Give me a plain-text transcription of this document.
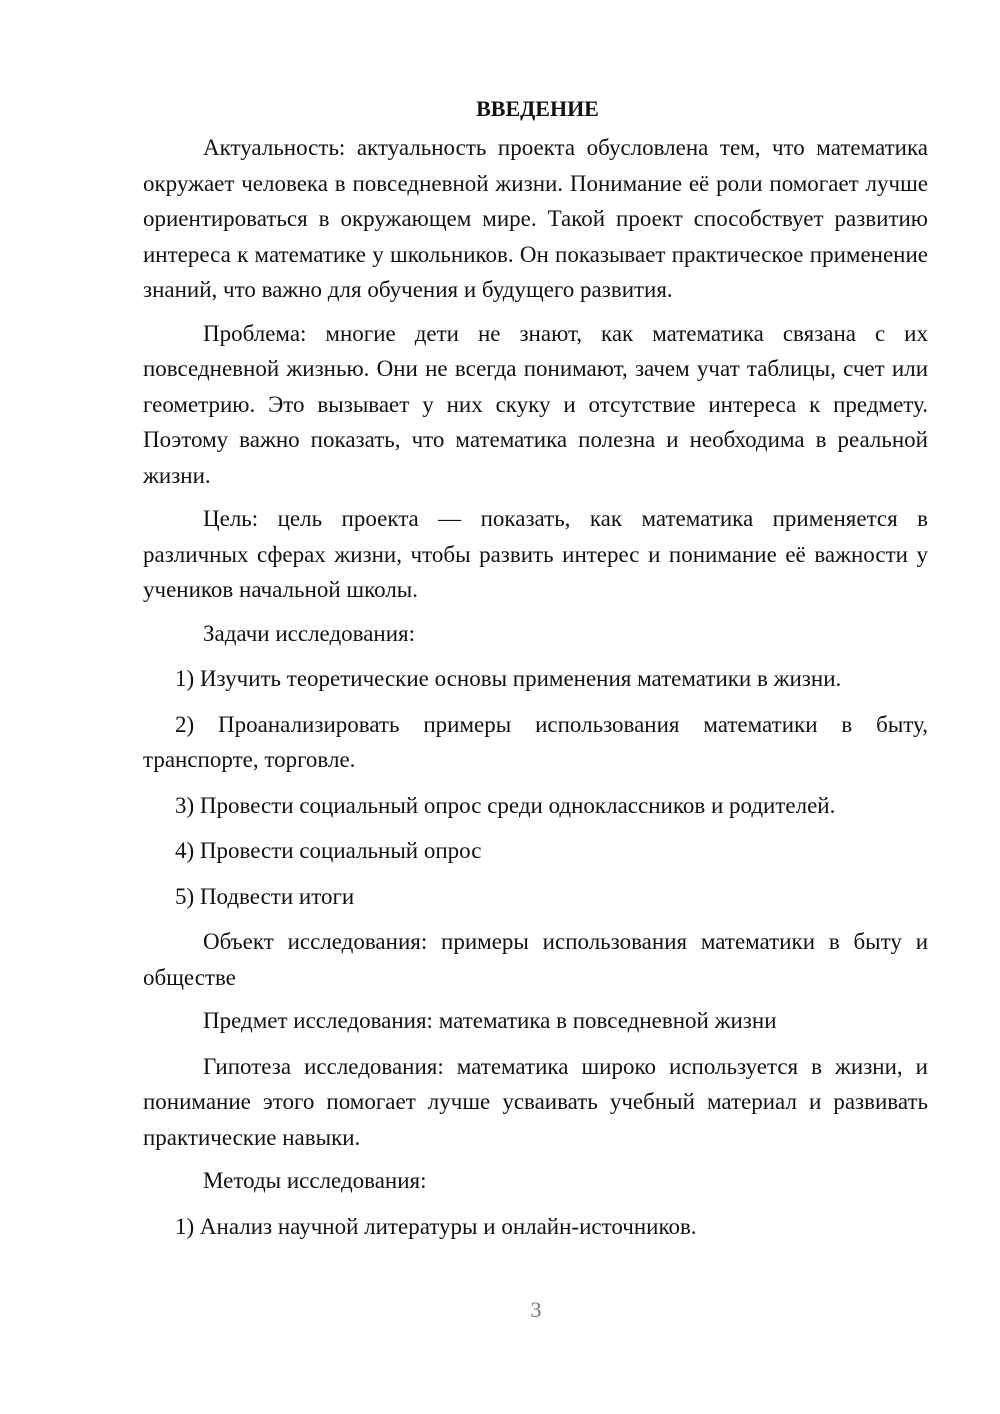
ВВЕДЕНИЕ

Актуальность: актуальность проекта обусловлена тем, что математика окружает человека в повседневной жизни. Понимание её роли помогает лучше ориентироваться в окружающем мире. Такой проект способствует развитию интереса к математике у школьников. Он показывает практическое применение знаний, что важно для обучения и будущего развития.

Проблема: многие дети не знают, как математика связана с их повседневной жизнью. Они не всегда понимают, зачем учат таблицы, счет или геометрию. Это вызывает у них скуку и отсутствие интереса к предмету. Поэтому важно показать, что математика полезна и необходима в реальной жизни.

Цель: цель проекта — показать, как математика применяется в различных сферах жизни, чтобы развить интерес и понимание её важности у учеников начальной школы.

Задачи исследования:

1) Изучить теоретические основы применения математики в жизни.

2) Проанализировать примеры использования математики в быту, транспорте, торговле.

3) Провести социальный опрос среди одноклассников и родителей.

4) Провести социальный опрос

5) Подвести итоги

Объект исследования: примеры использования математики в быту и обществе

Предмет исследования: математика в повседневной жизни

Гипотеза исследования: математика широко используется в жизни, и понимание этого помогает лучше усваивать учебный материал и развивать практические навыки.

Методы исследования:

1) Анализ научной литературы и онлайн-источников.

3
